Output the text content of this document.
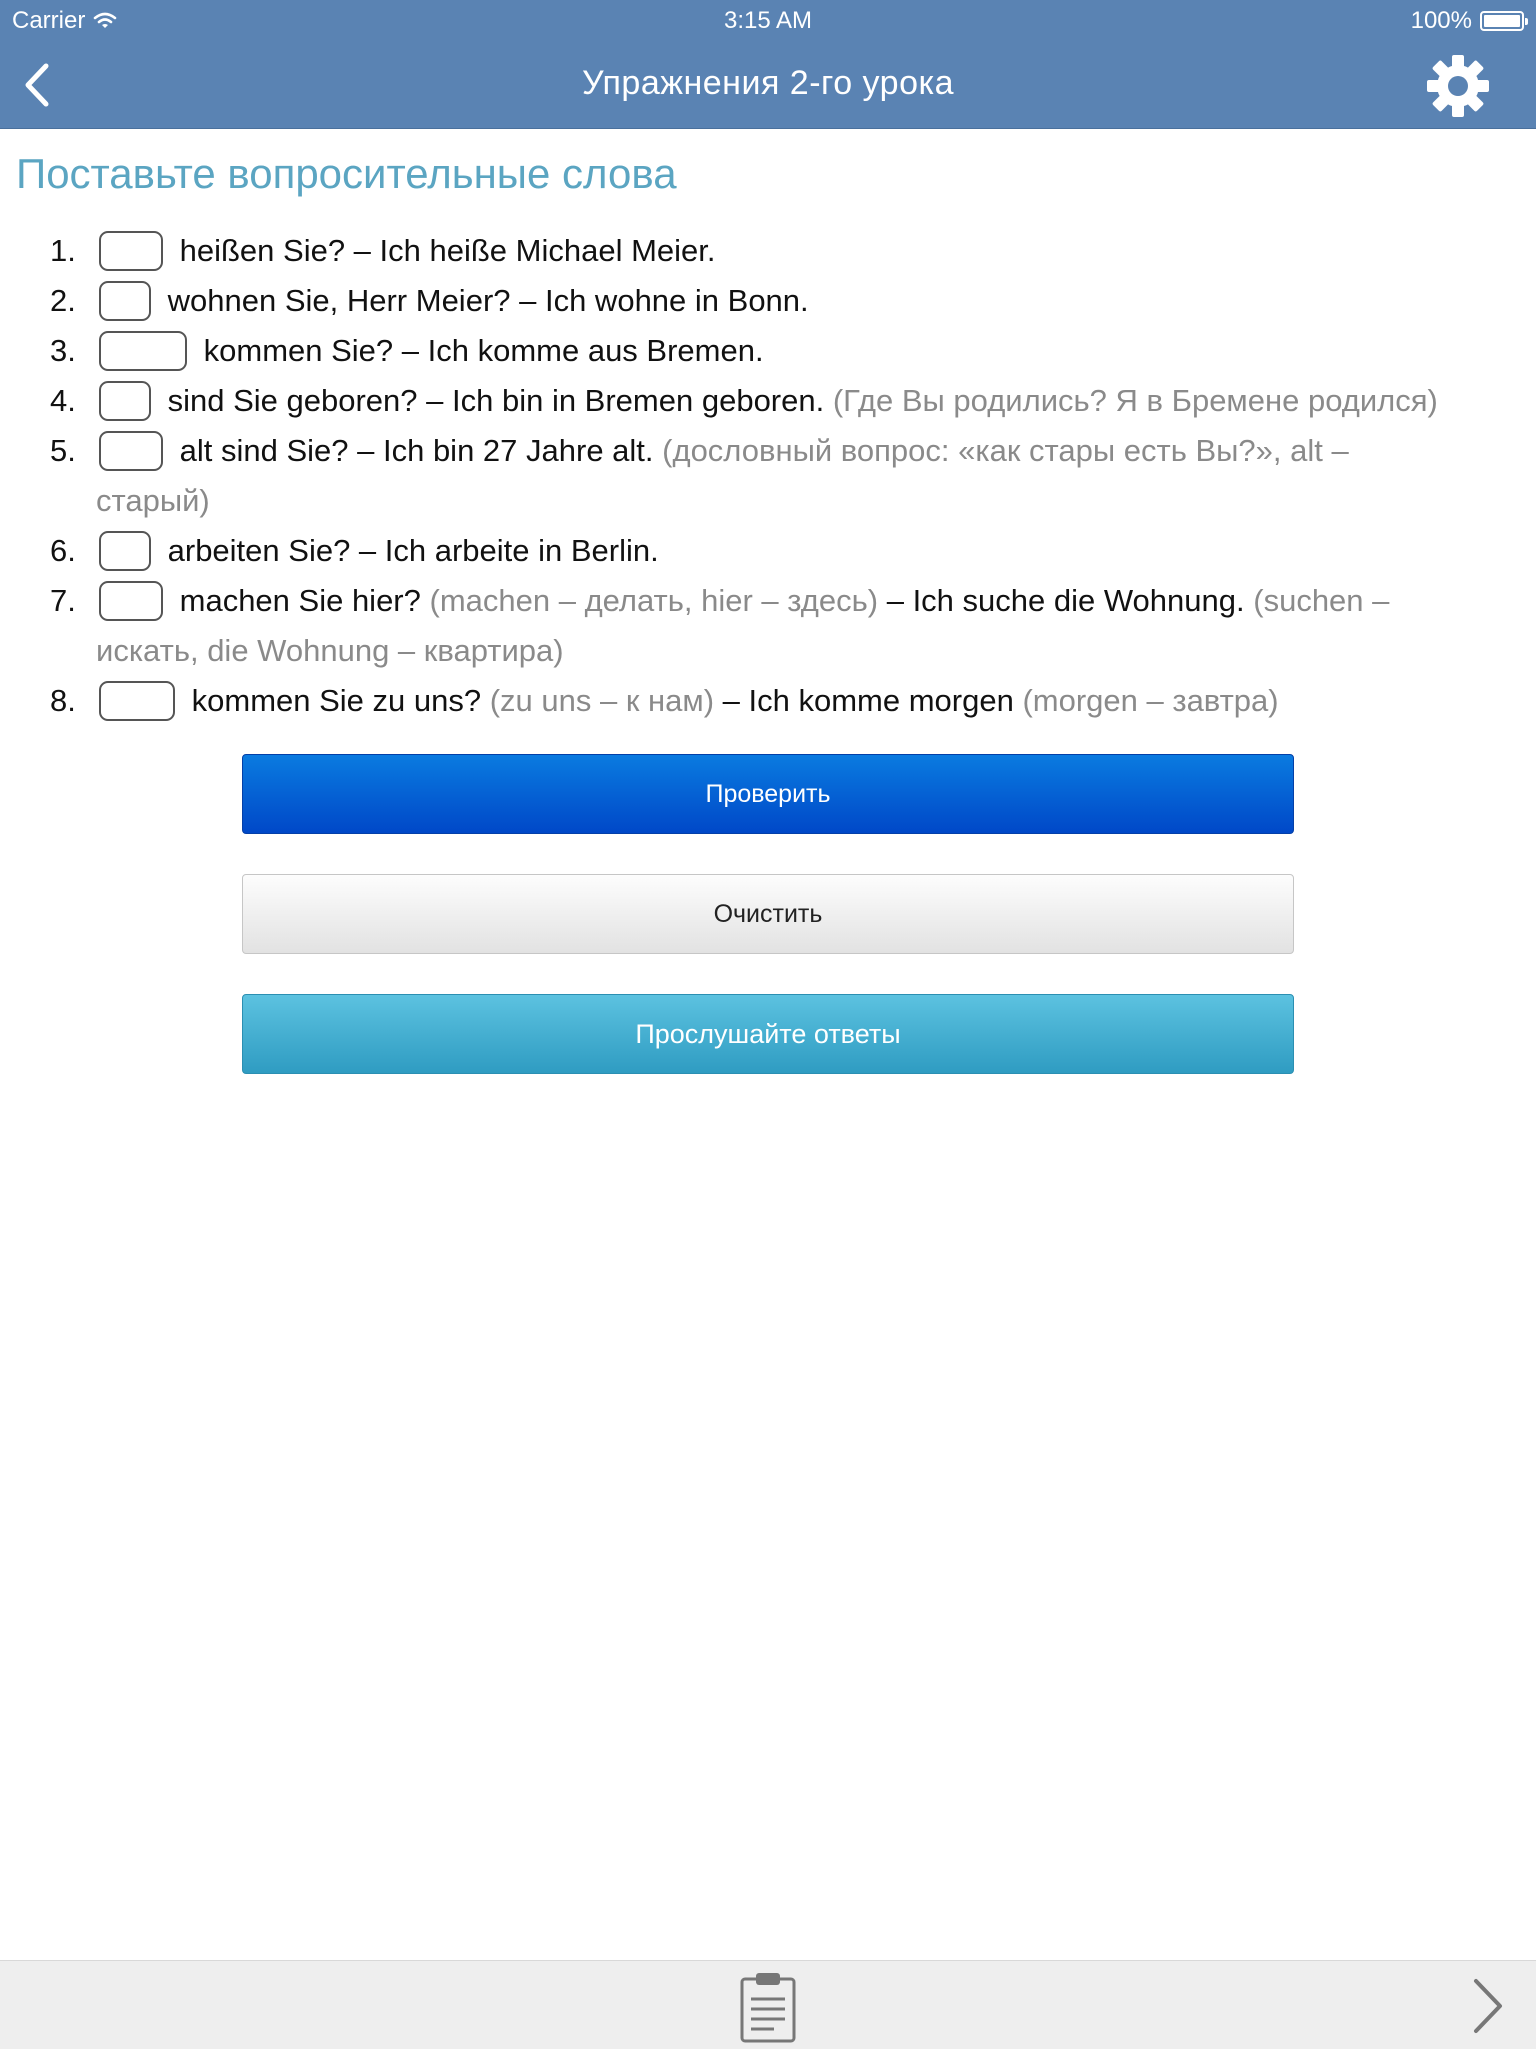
Carrier	3:15 AM	100%
Упражнения 2-го урока
Поставьте вопросительные слова
1.	heißen Sie? – Ich heiße Michael Meier.
2.	wohnen Sie, Herr Meier? – Ich wohne in Bonn.
3.	kommen Sie? – Ich komme aus Bremen.
4.	sind Sie geboren? – Ich bin in Bremen geboren. (Где Вы родились? Я в Бремене родился)
5.	alt sind Sie? – Ich bin 27 Jahre alt. (дословный вопрос: «как стары есть Вы?», alt – старый)
6.	arbeiten Sie? – Ich arbeite in Berlin.
7.	machen Sie hier? (machen – делать, hier – здесь) – Ich suche die Wohnung. (suchen – искать, die Wohnung – квартира)
8.	kommen Sie zu uns? (zu uns – к нам) – Ich komme morgen (morgen – завтра)
Проверить
Очистить
Прослушайте ответы
